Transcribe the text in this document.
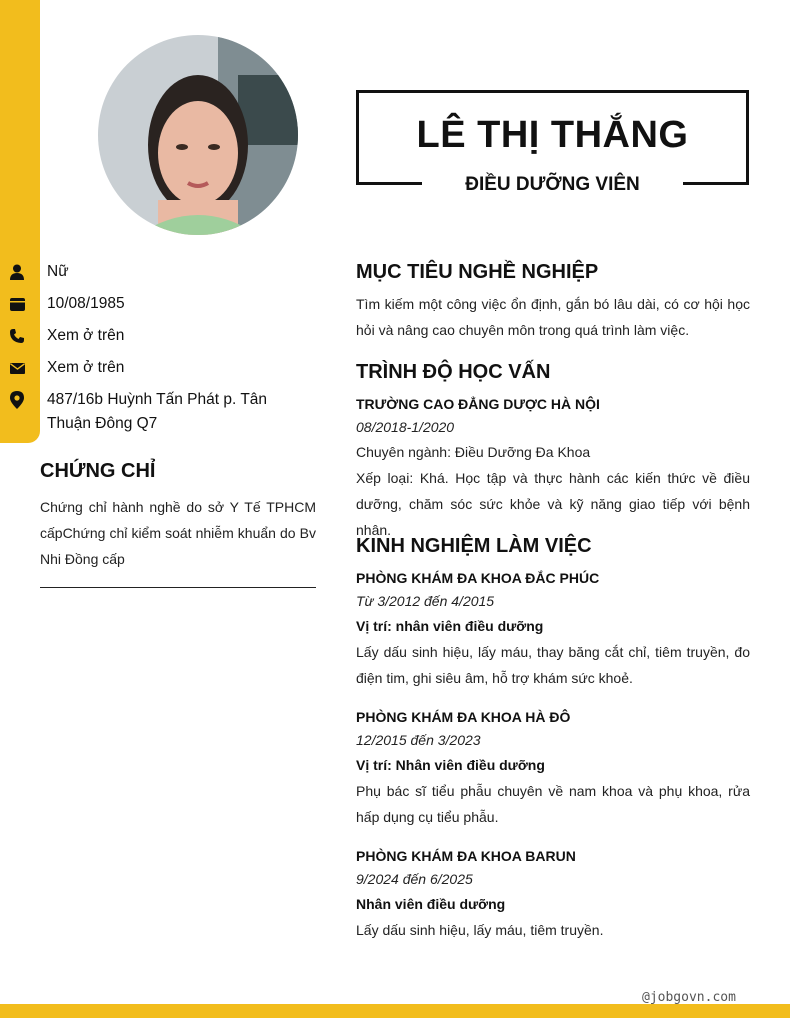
Nữ
10/08/1985
Xem ở trên
Xem ở trên
487/16b Huỳnh Tấn Phát p. Tân
Thuận Đông Q7
CHỨNG CHỈ
Chứng chỉ hành nghề do sở Y Tế TPHCM cấpChứng chỉ kiểm soát nhiễm khuẩn do Bv Nhi Đồng cấp
LÊ THỊ THẮNG
ĐIỀU DƯỠNG VIÊN
MỤC TIÊU NGHỀ NGHIỆP
Tìm kiếm một công việc ổn định, gắn bó lâu dài, có cơ hội học hỏi và nâng cao chuyên môn trong quá trình làm việc.
TRÌNH ĐỘ HỌC VẤN
TRƯỜNG CAO ĐẲNG DƯỢC HÀ NỘI
08/2018-1/2020
Chuyên ngành: Điều Dưỡng Đa Khoa
Xếp loại: Khá. Học tập và thực hành các kiến thức về điều dưỡng, chăm sóc sức khỏe và kỹ năng giao tiếp với bệnh nhân.
KINH NGHIỆM LÀM VIỆC
PHÒNG KHÁM ĐA KHOA ĐẮC PHÚC
Từ 3/2012 đến 4/2015
Vị trí: nhân viên điều dưỡng
Lấy dấu sinh hiệu, lấy máu, thay băng cắt chỉ, tiêm truyền, đo điện tim, ghi siêu âm, hỗ trợ khám sức khoẻ.
PHÒNG KHÁM ĐA KHOA HÀ ĐÔ
12/2015 đến 3/2023
Vị trí: Nhân viên điều dưỡng
Phụ bác sĩ tiểu phẫu chuyên về nam khoa và phụ khoa, rửa hấp dụng cụ tiểu phẫu.
PHÒNG KHÁM ĐA KHOA BARUN
9/2024 đến 6/2025
Nhân viên điều dưỡng
Lấy dấu sinh hiệu, lấy máu, tiêm truyền.
@jobgovn.com
